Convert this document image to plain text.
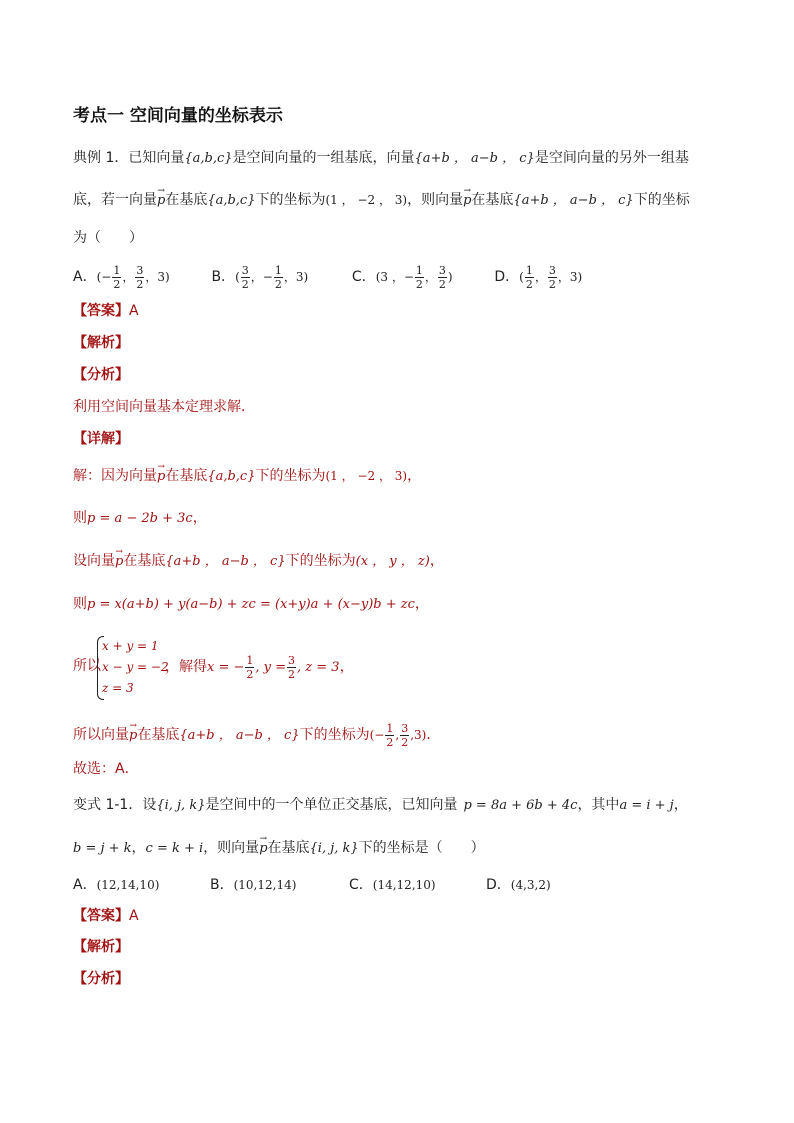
考点一 空间向量的坐标表示
典例 1．已知向量{a,b,c}是空间向量的一组基底，向量{a+b ， a−b ， c}是空间向量的另外一组基
底，若一向量→ p在基底{a,b,c}下的坐标为(1 ， −2 ， 3)，则向量→ p在基底{a+b ， a−b ， c}下的坐标
为（　　）
A．(− $\frac{1}{2}$ ， $\frac{3}{2}$ ，3)	B．( $\frac{3}{2}$ ，− $\frac{1}{2}$ ，3)	C．(3 ，− $\frac{1}{2}$ ， $\frac{3}{2}$ )	D．( $\frac{1}{2}$ ， $\frac{3}{2}$ ，3)
【答案】A
【解析】
【分析】
利用空间向量基本定理求解．
【详解】
解：因为向量→ p在基底{a,b,c}下的坐标为(1 ， −2 ， 3)，
则p = a − 2b + 3c，
设向量→ p在基底{a+b ， a−b ， c}下的坐标为(x ， y ， z)，
则p = x(a+b) + y(a−b) + zc = (x+y)a + (x−y)b + zc，
所以
x + y = 1
x − y = −2
z = 3
，解得x = − $\frac{1}{2}$ , $y = \frac{3}{2}$ , z = 3，
所以向量→ p在基底{a+b ， a−b ， c}下的坐标为(− $\frac{1}{2}$ , $\frac{3}{2} ,3$)．
故选：A．
变式 1-1．设{i, j, k}是空间中的一个单位正交基底，已知向量 p = 8a + 6b + 4c，其中a = i + j，
b = j + k，c = k + i，则向量→ p在基底{i, j, k}下的坐标是（　　）
A．(12,14,10)	B．(10,12,14)	C．(14,12,10)	D．(4,3,2)
【答案】A
【解析】
【分析】
